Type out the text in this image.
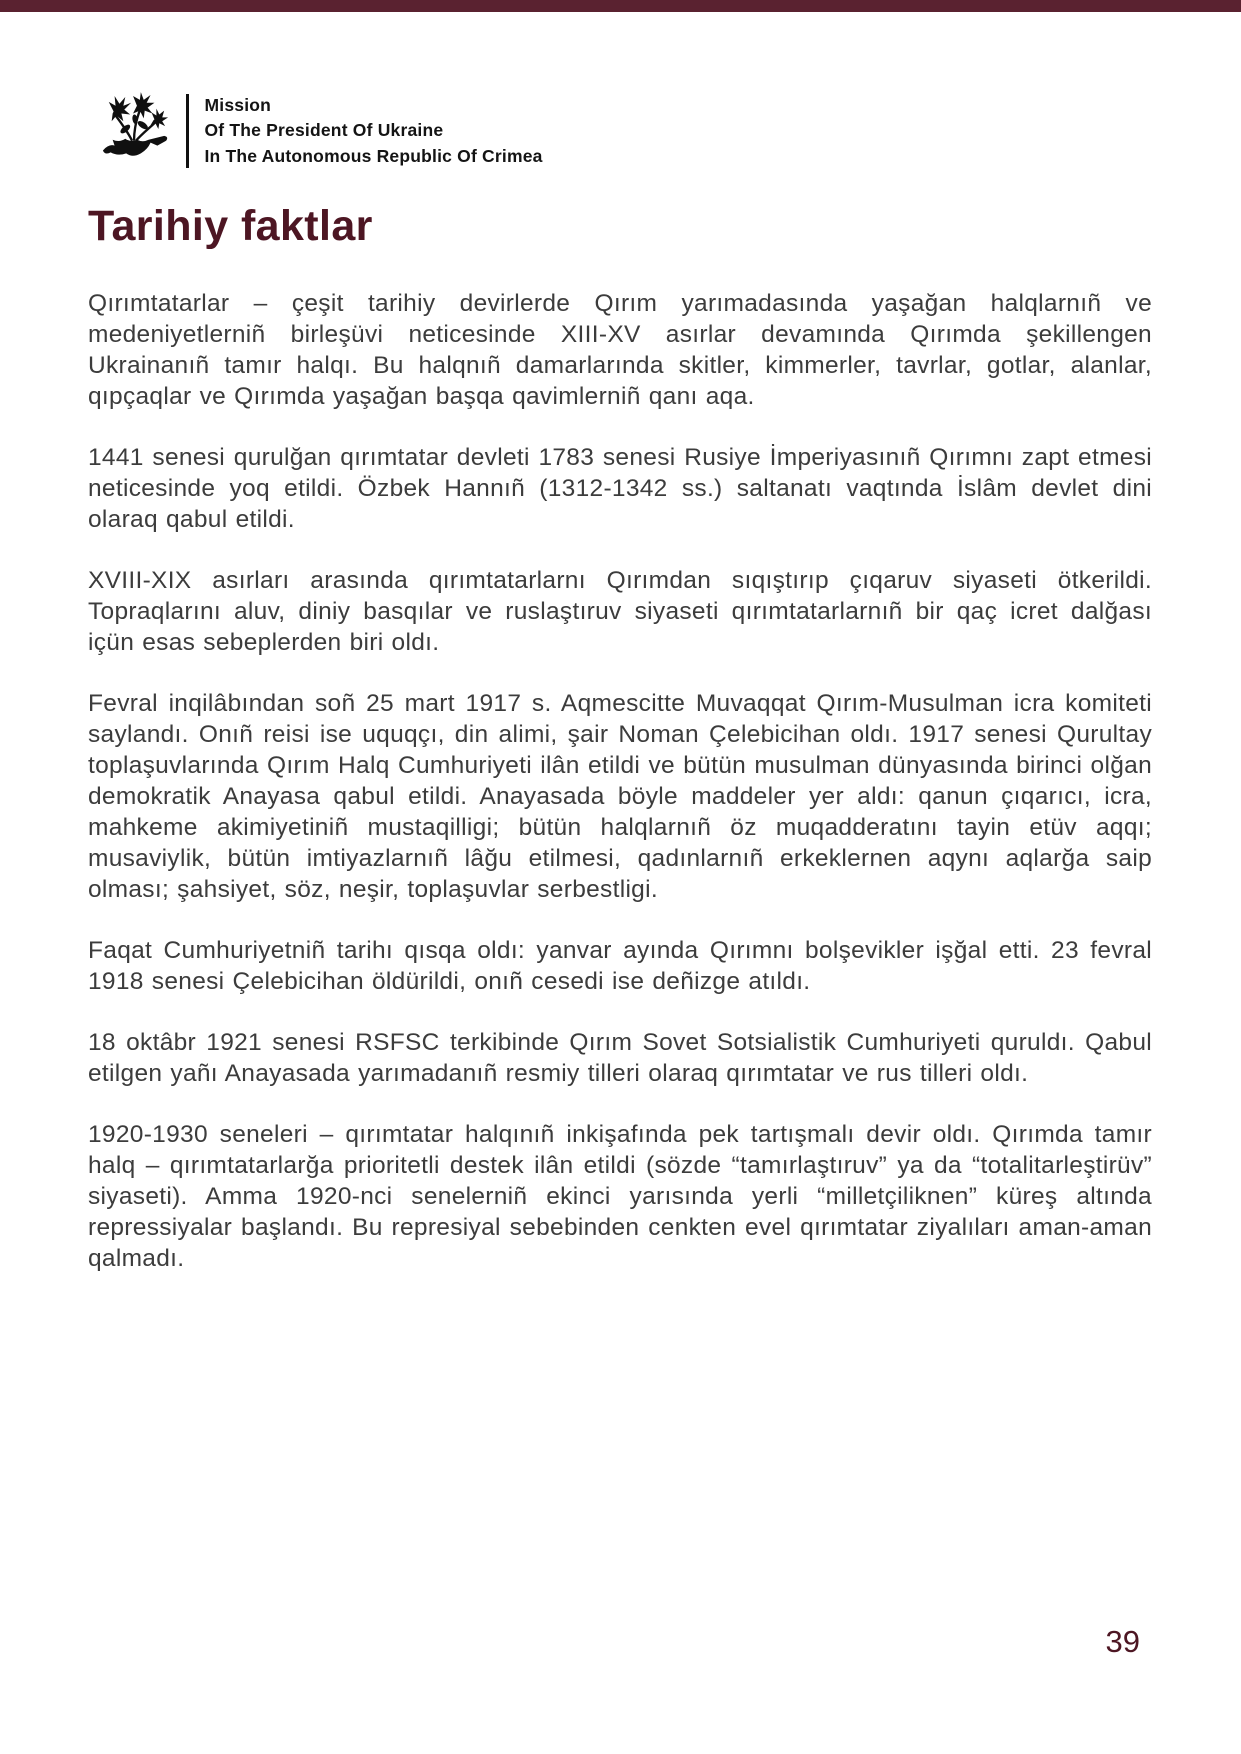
Mission
Of The President Of Ukraine
In The Autonomous Republic Of Crimea
Tarihiy faktlar

Qırımtatarlar – çeşit tarihiy devirlerde Qırım yarımadasında yaşağan halqlarnıñ ve medeniyetlerniñ birleşüvi neticesinde XIII-XV asırlar devamında Qırımda şekillengen Ukrainanıñ tamır halqı. Bu halqnıñ damarlarında skitler, kimmerler, tavrlar, gotlar, alanlar, qıpçaqlar ve Qırımda yaşağan başqa qavimlerniñ qanı aqa.

1441 senesi qurulğan qırımtatar devleti 1783 senesi Rusiye İmperiyasınıñ Qırımnı zapt etmesi neticesinde yoq etildi. Özbek Hannıñ (1312-1342 ss.) saltanatı vaqtında İslâm devlet dini olaraq qabul etildi.

XVIII-XIX asırları arasında qırımtatarlarnı Qırımdan sıqıştırıp çıqaruv siyaseti ötkerildi. Topraqlarını aluv, diniy basqılar ve ruslaştıruv siyaseti qırımtatarlarnıñ bir qaç icret dalğası içün esas sebeplerden biri oldı.

Fevral inqilâbından soñ 25 mart 1917 s. Aqmescitte Muvaqqat Qırım-Musulman icra komiteti saylandı. Onıñ reisi ise uquqçı, din alimi, şair Noman Çelebicihan oldı. 1917 senesi Qurultay toplaşuvlarında Qırım Halq Cumhuriyeti ilân etildi ve bütün musulman dünyasında birinci olğan demokratik Anayasa qabul etildi. Anayasada böyle maddeler yer aldı: qanun çıqarıcı, icra, mahkeme akimiyetiniñ mustaqilligi; bütün halqlarnıñ öz muqadderatını tayin etüv aqqı; musaviylik, bütün imtiyazlarnıñ lâğu etilmesi, qadınlarnıñ erkeklernen aqynı aqlarğa saip olması; şahsiyet, söz, neşir, toplaşuvlar serbestligi.

Faqat Cumhuriyetniñ tarihı qısqa oldı: yanvar ayında Qırımnı bolşevikler işğal etti. 23 fevral 1918 senesi Çelebicihan öldürildi, onıñ cesedi ise deñizge atıldı.

18 oktâbr 1921 senesi RSFSC terkibinde Qırım Sovet Sotsialistik Cumhuriyeti quruldı. Qabul etilgen yañı Anayasada yarımadanıñ resmiy tilleri olaraq qırımtatar ve rus tilleri oldı.

1920-1930 seneleri – qırımtatar halqınıñ inkişafında pek tartışmalı devir oldı. Qırımda tamır halq – qırımtatarlarğa prioritetli destek ilân etildi (sözde “tamırlaştıruv” ya da “totalitarleştirüv” siyaseti). Amma 1920-nci senelerniñ ekinci yarısında yerli “milletçiliknen” küreş altında repressiyalar başlandı. Bu represiyal sebebinden cenkten evel qırımtatar ziyalıları aman-aman qalmadı.

39
